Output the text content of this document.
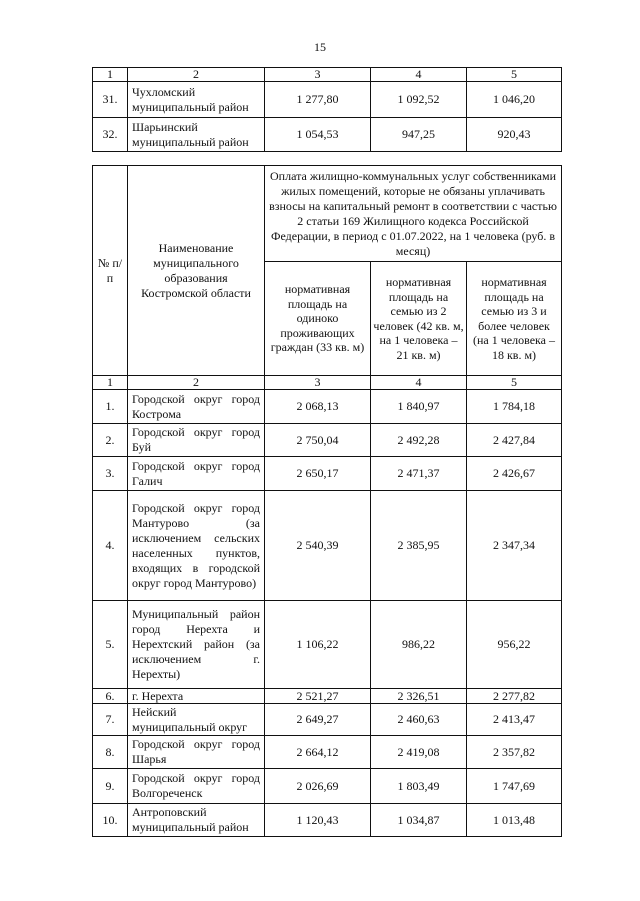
15
1	2	3	4	5
31.	Чухломский муниципальный район	1 277,80	1 092,52	1 046,20
32.	Шарьинский муниципальный район	1 054,53	947,25	920,43
№ п/п	Наименование муниципального образования Костромской области	Оплата жилищно-коммунальных услуг собственниками жилых помещений, которые не обязаны уплачивать взносы на капитальный ремонт в соответствии с частью 2 статьи 169 Жилищного кодекса Российской Федерации, в период с 01.07.2022, на 1 человека (руб. в месяц)		
		нормативная площадь на одиноко проживающих граждан (33 кв. м)	нормативная площадь на семью из 2 человек (42 кв. м, на 1 человека – 21 кв. м)	нормативная площадь на семью из 3 и более человек (на 1 человека – 18 кв. м)
1	2	3	4	5
1.	Городской округ город Кострома	2 068,13	1 840,97	1 784,18
2.	Городской округ город Буй	2 750,04	2 492,28	2 427,84
3.	Городской округ город Галич	2 650,17	2 471,37	2 426,67
4.	Городской округ город Мантурово (за исключением сельских населенных пунктов, входящих в городской округ город Мантурово)	2 540,39	2 385,95	2 347,34
5.	Муниципальный район город Нерехта и Нерехтский район (за исключением г. Нерехты)	1 106,22	986,22	956,22
6.	г. Нерехта	2 521,27	2 326,51	2 277,82
7.	Нейский муниципальный округ	2 649,27	2 460,63	2 413,47
8.	Городской округ город Шарья	2 664,12	2 419,08	2 357,82
9.	Городской округ город Волгореченск	2 026,69	1 803,49	1 747,69
10.	Антроповский муниципальный район	1 120,43	1 034,87	1 013,48
